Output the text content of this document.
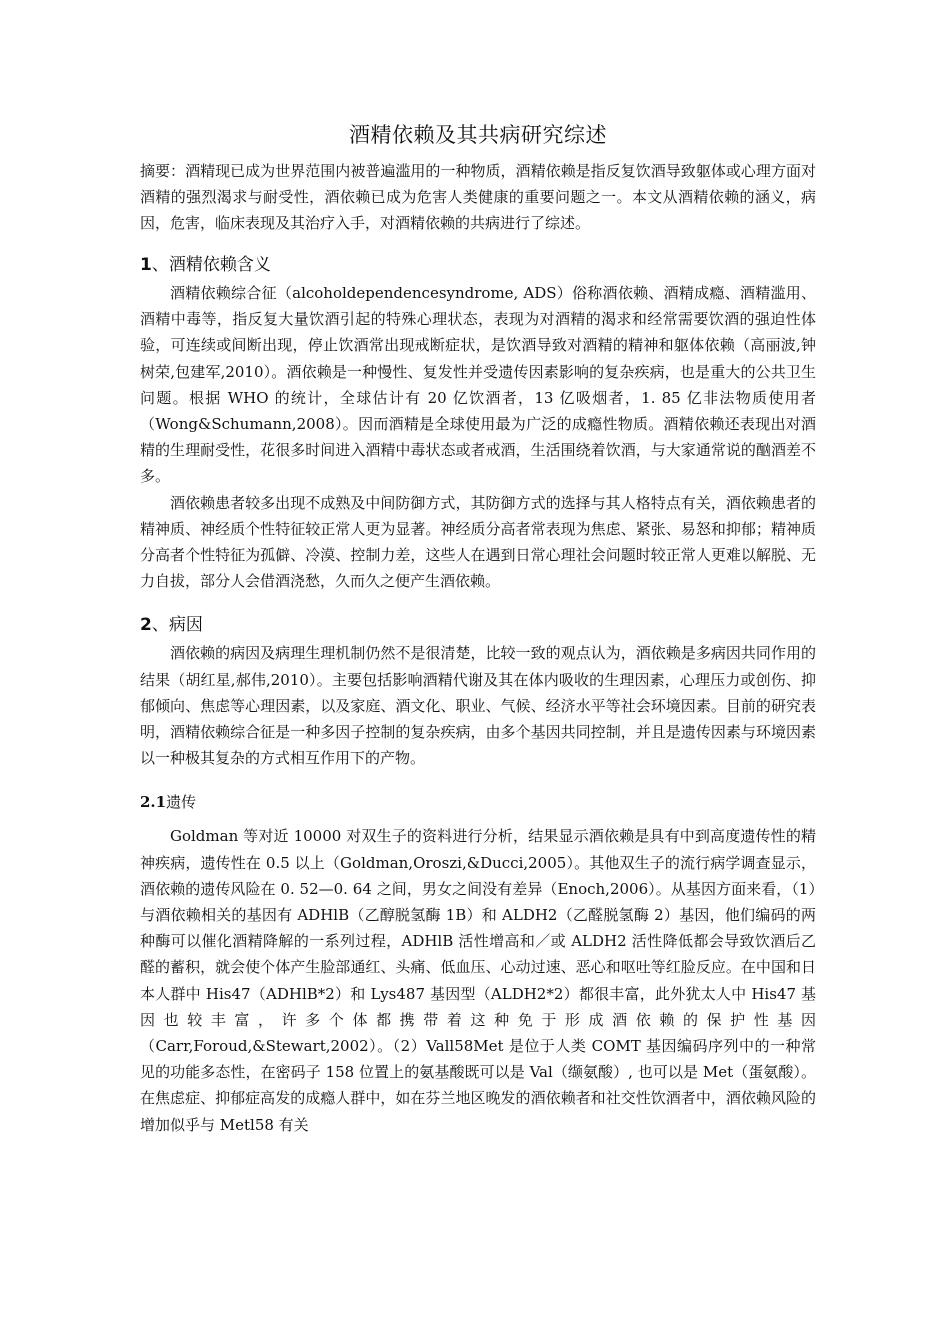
酒精依赖及其共病研究综述

摘要：酒精现已成为世界范围内被普遍滥用的一种物质，酒精依赖是指反复饮酒导致躯体或心理方面对酒精的强烈渴求与耐受性，酒依赖已成为危害人类健康的重要问题之一。本文从酒精依赖的涵义，病因，危害，临床表现及其治疗入手，对酒精依赖的共病进行了综述。

1、酒精依赖含义

酒精依赖综合征（alcoholdependencesyndrome, ADS）俗称酒依赖、酒精成瘾、酒精滥用、酒精中毒等，指反复大量饮酒引起的特殊心理状态，表现为对酒精的渴求和经常需要饮酒的强迫性体验，可连续或间断出现，停止饮酒常出现戒断症状，是饮酒导致对酒精的精神和躯体依赖（高丽波,钟树荣,包建军,2010）。酒依赖是一种慢性、复发性并受遗传因素影响的复杂疾病，也是重大的公共卫生问题。根据 WHO 的统计，全球估计有 20 亿饮酒者，13 亿吸烟者，1. 85 亿非法物质使用者（Wong&Schumann,2008）。因而酒精是全球使用最为广泛的成瘾性物质。酒精依赖还表现出对酒精的生理耐受性，花很多时间进入酒精中毒状态或者戒酒，生活围绕着饮酒，与大家通常说的酗酒差不多。

酒依赖患者较多出现不成熟及中间防御方式，其防御方式的选择与其人格特点有关，酒依赖患者的精神质、神经质个性特征较正常人更为显著。神经质分高者常表现为焦虑、紧张、易怒和抑郁；精神质分高者个性特征为孤僻、冷漠、控制力差，这些人在遇到日常心理社会问题时较正常人更难以解脱、无力自拔，部分人会借酒浇愁，久而久之便产生酒依赖。

2、病因

酒依赖的病因及病理生理机制仍然不是很清楚，比较一致的观点认为，酒依赖是多病因共同作用的结果（胡红星,郝伟,2010）。主要包括影响酒精代谢及其在体内吸收的生理因素，心理压力或创伤、抑郁倾向、焦虑等心理因素，以及家庭、酒文化、职业、气候、经济水平等社会环境因素。目前的研究表明，酒精依赖综合征是一种多因子控制的复杂疾病，由多个基因共同控制，并且是遗传因素与环境因素以一种极其复杂的方式相互作用下的产物。

2.1遗传

Goldman 等对近 10000 对双生子的资料进行分析，结果显示酒依赖是具有中到高度遗传性的精神疾病，遗传性在 0.5 以上（Goldman,Oroszi,&Ducci,2005）。其他双生子的流行病学调查显示，酒依赖的遗传风险在 0. 52—0. 64 之间，男女之间没有差异（Enoch,2006）。从基因方面来看，（1）与酒依赖相关的基因有 ADHlB（乙醇脱氢酶 1B）和 ALDH2（乙醛脱氢酶 2）基因，他们编码的两种酶可以催化酒精降解的一系列过程，ADHlB 活性增高和／或 ALDH2 活性降低都会导致饮酒后乙醛的蓄积，就会使个体产生脸部通红、头痛、低血压、心动过速、恶心和呕吐等红脸反应。在中国和日本人群中 His47（ADHlB*2）和 Lys487 基因型（ALDH2*2）都很丰富，此外犹太人中 His47 基因也较丰富，许多个体都携带着这种免于形成酒依赖的保护性基因（Carr,Foroud,&Stewart,2002）。（2）Vall58Met 是位于人类 COMT 基因编码序列中的一种常见的功能多态性，在密码子 158 位置上的氨基酸既可以是 Val（缬氨酸）, 也可以是 Met（蛋氨酸）。在焦虑症、抑郁症高发的成瘾人群中，如在芬兰地区晚发的酒依赖者和社交性饮酒者中，酒依赖风险的增加似乎与 Metl58 有关
